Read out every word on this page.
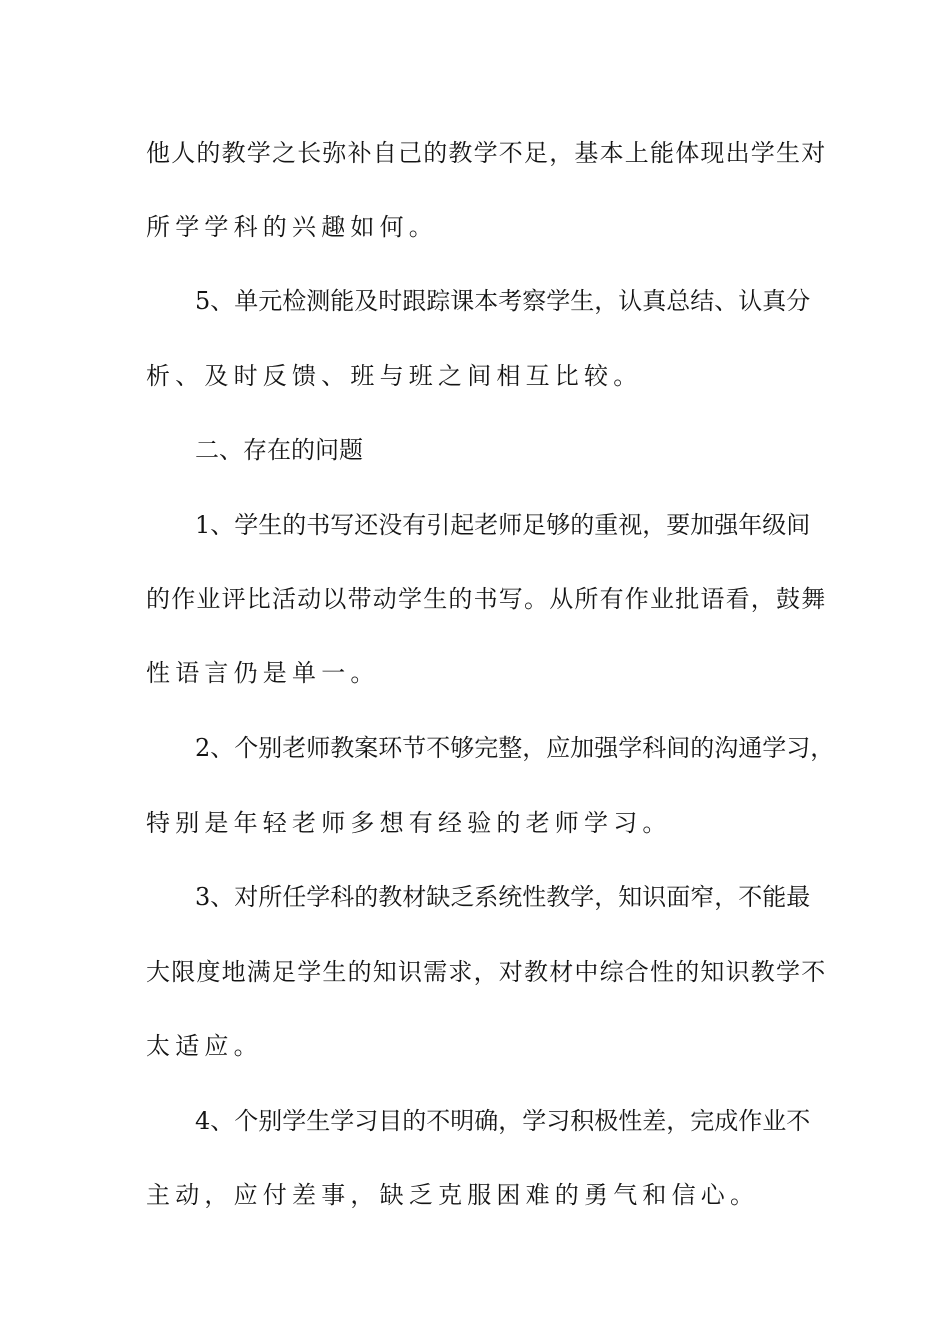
他人的教学之长弥补自己的教学不足，基本上能体现出学生对
所学学科的兴趣如何。
5、单元检测能及时跟踪课本考察学生，认真总结、认真分
析、及时反馈、班与班之间相互比较。
二、存在的问题
1、学生的书写还没有引起老师足够的重视，要加强年级间
的作业评比活动以带动学生的书写。从所有作业批语看，鼓舞
性语言仍是单一。
2、个别老师教案环节不够完整，应加强学科间的沟通学习，
特别是年轻老师多想有经验的老师学习。
3、对所任学科的教材缺乏系统性教学，知识面窄，不能最
大限度地满足学生的知识需求，对教材中综合性的知识教学不
太适应。
4、个别学生学习目的不明确，学习积极性差，完成作业不
主动，应付差事，缺乏克服困难的勇气和信心。
